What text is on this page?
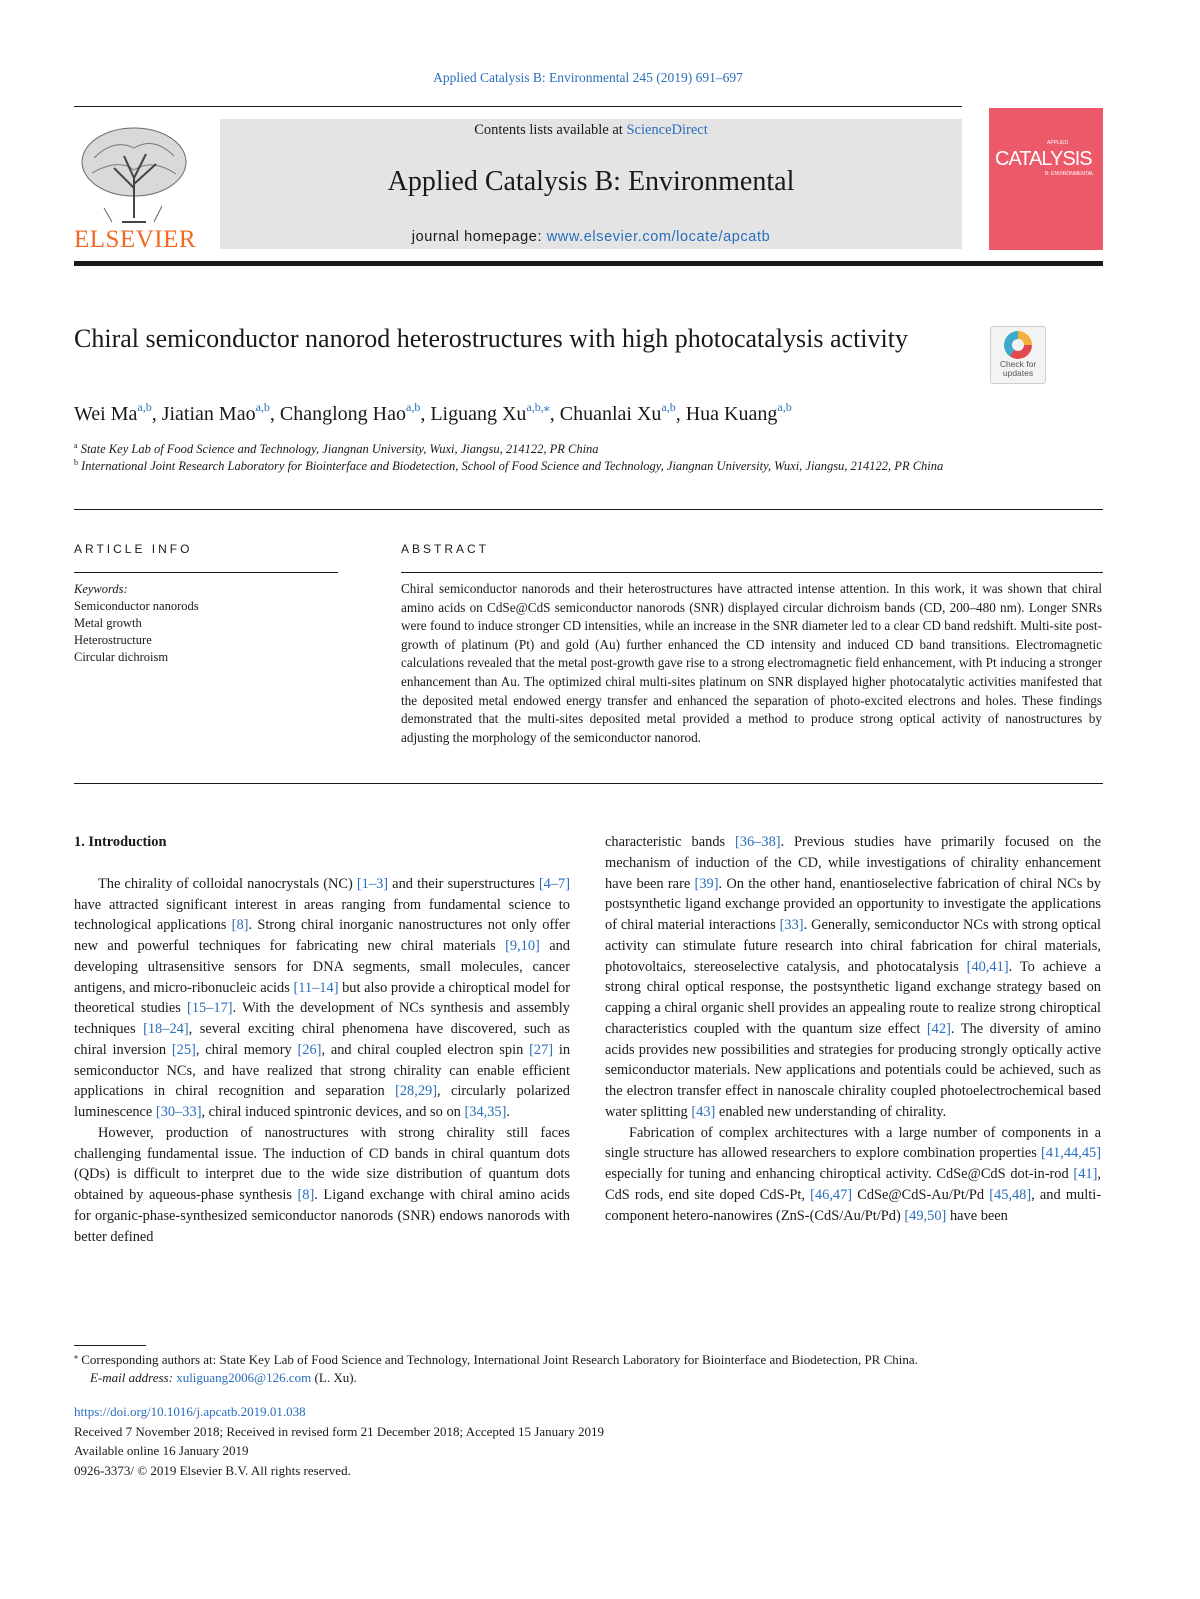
Applied Catalysis B: Environmental 245 (2019) 691–697
ELSEVIER
Contents lists available at ScienceDirect
Applied Catalysis B: Environmental
journal homepage: www.elsevier.com/locate/apcatb
APPLIED
CATALYSIS
B: ENVIRONMENTAL
Chiral semiconductor nanorod heterostructures with high photocatalysis activity
Check for updates
Wei Ma$^{a,b}$, Jiatian Mao$^{a,b}$, Changlong Hao$^{a,b}$, Liguang $Xu^{a,b,⁎}$, Chuanlai Xu$^{a,b}$, Hua Kuang$^{a,b}$
$^a$ State Key Lab of Food Science and Technology, Jiangnan University, Wuxi, Jiangsu, 214122, PR China
$^b$ International Joint Research Laboratory for Biointerface and Biodetection, School of Food Science and Technology, Jiangnan University, Wuxi, Jiangsu, 214122, PR China
ARTICLE INFO
Keywords:
Semiconductor nanorods
Metal growth
Heterostructure
Circular dichroism
ABSTRACT
Chiral semiconductor nanorods and their heterostructures have attracted intense attention. In this work, it was shown that chiral amino acids on CdSe@CdS semiconductor nanorods (SNR) displayed circular dichroism bands (CD, 200–480 nm). Longer SNRs were found to induce stronger CD intensities, while an increase in the SNR diameter led to a clear CD band redshift. Multi-site post-growth of platinum (Pt) and gold (Au) further enhanced the CD intensity and induced CD band transitions. Electromagnetic calculations revealed that the metal post-growth gave rise to a strong electromagnetic field enhancement, with Pt inducing a stronger enhancement than Au. The optimized chiral multi-sites platinum on SNR displayed higher photocatalytic activities manifested that the deposited metal endowed energy transfer and enhanced the separation of photo-excited electrons and holes. These findings demonstrated that the multi-sites deposited metal provided a method to produce strong optical activity of nanostructures by adjusting the morphology of the semiconductor nanorod.

1. Introduction

The chirality of colloidal nanocrystals (NC) [1–3] and their superstructures [4–7] have attracted significant interest in areas ranging from fundamental science to technological applications [8]. Strong chiral inorganic nanostructures not only offer new and powerful techniques for fabricating new chiral materials [9,10] and developing ultrasensitive sensors for DNA segments, small molecules, cancer antigens, and micro-ribonucleic acids [11–14] but also provide a chiroptical model for theoretical studies [15–17]. With the development of NCs synthesis and assembly techniques [18–24], several exciting chiral phenomena have discovered, such as chiral inversion [25], chiral memory [26], and chiral coupled electron spin [27] in semiconductor NCs, and have realized that strong chirality can enable efficient applications in chiral recognition and separation [28,29], circularly polarized luminescence [30–33], chiral induced spintronic devices, and so on [34,35].

However, production of nanostructures with strong chirality still faces challenging fundamental issue. The induction of CD bands in chiral quantum dots (QDs) is difficult to interpret due to the wide size distribution of quantum dots obtained by aqueous-phase synthesis [8]. Ligand exchange with chiral amino acids for organic-phase-synthesized semiconductor nanorods (SNR) endows nanorods with better defined

characteristic bands [36–38]. Previous studies have primarily focused on the mechanism of induction of the CD, while investigations of chirality enhancement have been rare [39]. On the other hand, enantioselective fabrication of chiral NCs by postsynthetic ligand exchange provided an opportunity to investigate the applications of chiral material interactions [33]. Generally, semiconductor NCs with strong optical activity can stimulate future research into chiral fabrication for chiral materials, photovoltaics, stereoselective catalysis, and photocatalysis [40,41]. To achieve a strong chiral optical response, the postsynthetic ligand exchange strategy based on capping a chiral organic shell provides an appealing route to realize strong chiroptical characteristics coupled with the quantum size effect [42]. The diversity of amino acids provides new possibilities and strategies for producing strongly optically active semiconductor materials. New applications and potentials could be achieved, such as the electron transfer effect in nanoscale chirality coupled photoelectrochemical based water splitting [43] enabled new understanding of chirality.

Fabrication of complex architectures with a large number of components in a single structure has allowed researchers to explore combination properties [41,44,45] especially for tuning and enhancing chiroptical activity. CdSe@CdS dot-in-rod [41], CdS rods, end site doped CdS-Pt, [46,47] CdSe@CdS-Au/Pt/Pd [45,48], and multi-component hetero-nanowires (ZnS-(CdS/Au/Pt/Pd) [49,50] have been

⁎ Corresponding authors at: State Key Lab of Food Science and Technology, International Joint Research Laboratory for Biointerface and Biodetection, PR China.
E-mail address: xuliguang2006@126.com (L. Xu).
https://doi.org/10.1016/j.apcatb.2019.01.038
Received 7 November 2018; Received in revised form 21 December 2018; Accepted 15 January 2019
Available online 16 January 2019
0926-3373/ © 2019 Elsevier B.V. All rights reserved.
